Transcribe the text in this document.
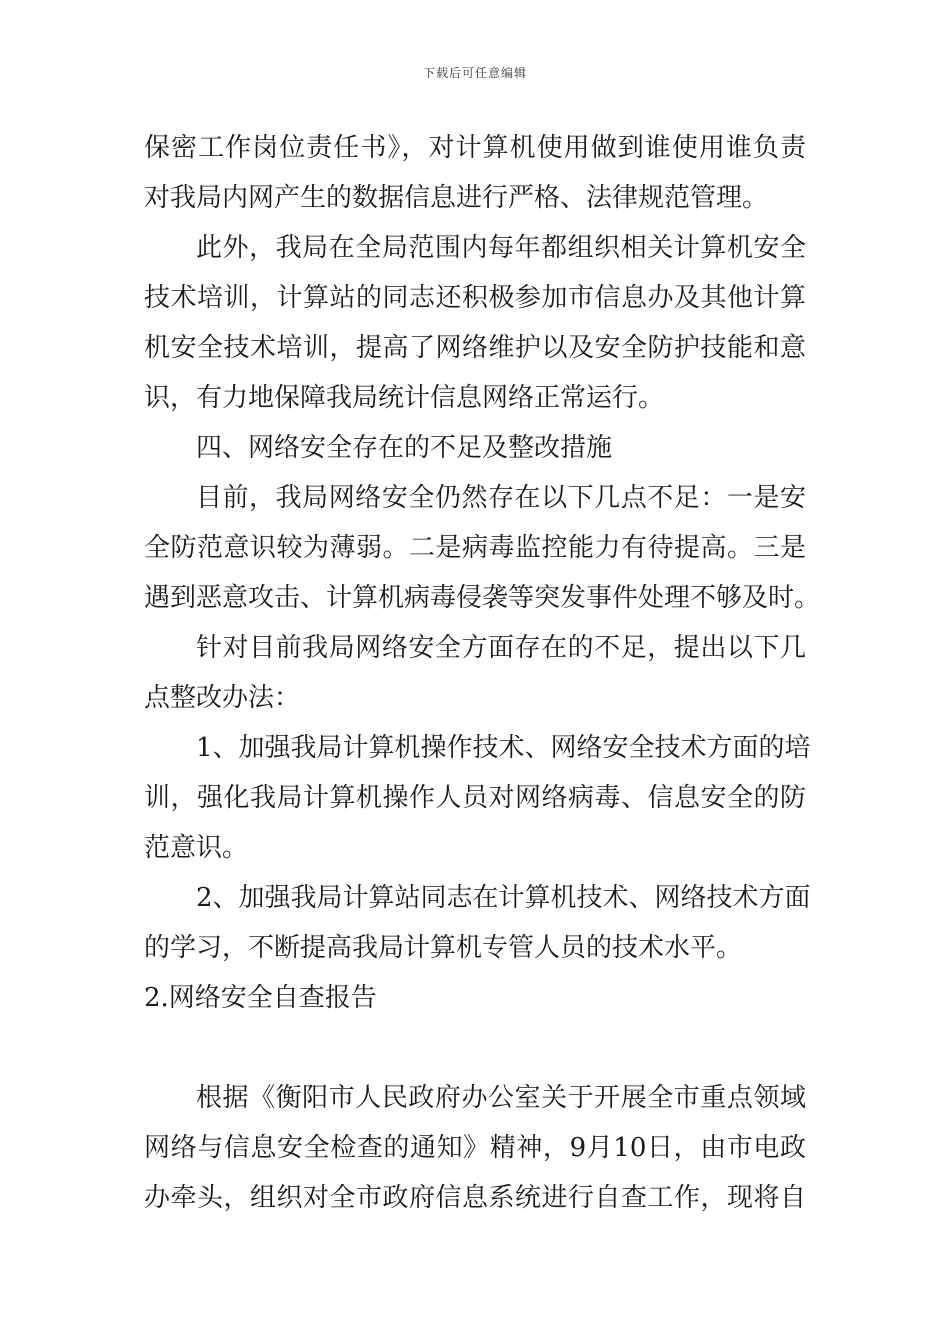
下载后可任意编辑
保密工作岗位责任书》，对计算机使用做到谁使用谁负责
对我局内网产生的数据信息进行严格、法律规范管理。
此外，我局在全局范围内每年都组织相关计算机安全
技术培训，计算站的同志还积极参加市信息办及其他计算
机安全技术培训，提高了网络维护以及安全防护技能和意
识，有力地保障我局统计信息网络正常运行。
四、网络安全存在的不足及整改措施
目前，我局网络安全仍然存在以下几点不足：一是安
全防范意识较为薄弱。二是病毒监控能力有待提高。三是
遇到恶意攻击、计算机病毒侵袭等突发事件处理不够及时。
针对目前我局网络安全方面存在的不足，提出以下几
点整改办法：
1、加强我局计算机操作技术、网络安全技术方面的培
训，强化我局计算机操作人员对网络病毒、信息安全的防
范意识。
2、加强我局计算站同志在计算机技术、网络技术方面
的学习，不断提高我局计算机专管人员的技术水平。
2.网络安全自查报告
根据《衡阳市人民政府办公室关于开展全市重点领域
网络与信息安全检查的通知》精神，9月10日，由市电政
办牵头，组织对全市政府信息系统进行自查工作，现将自
